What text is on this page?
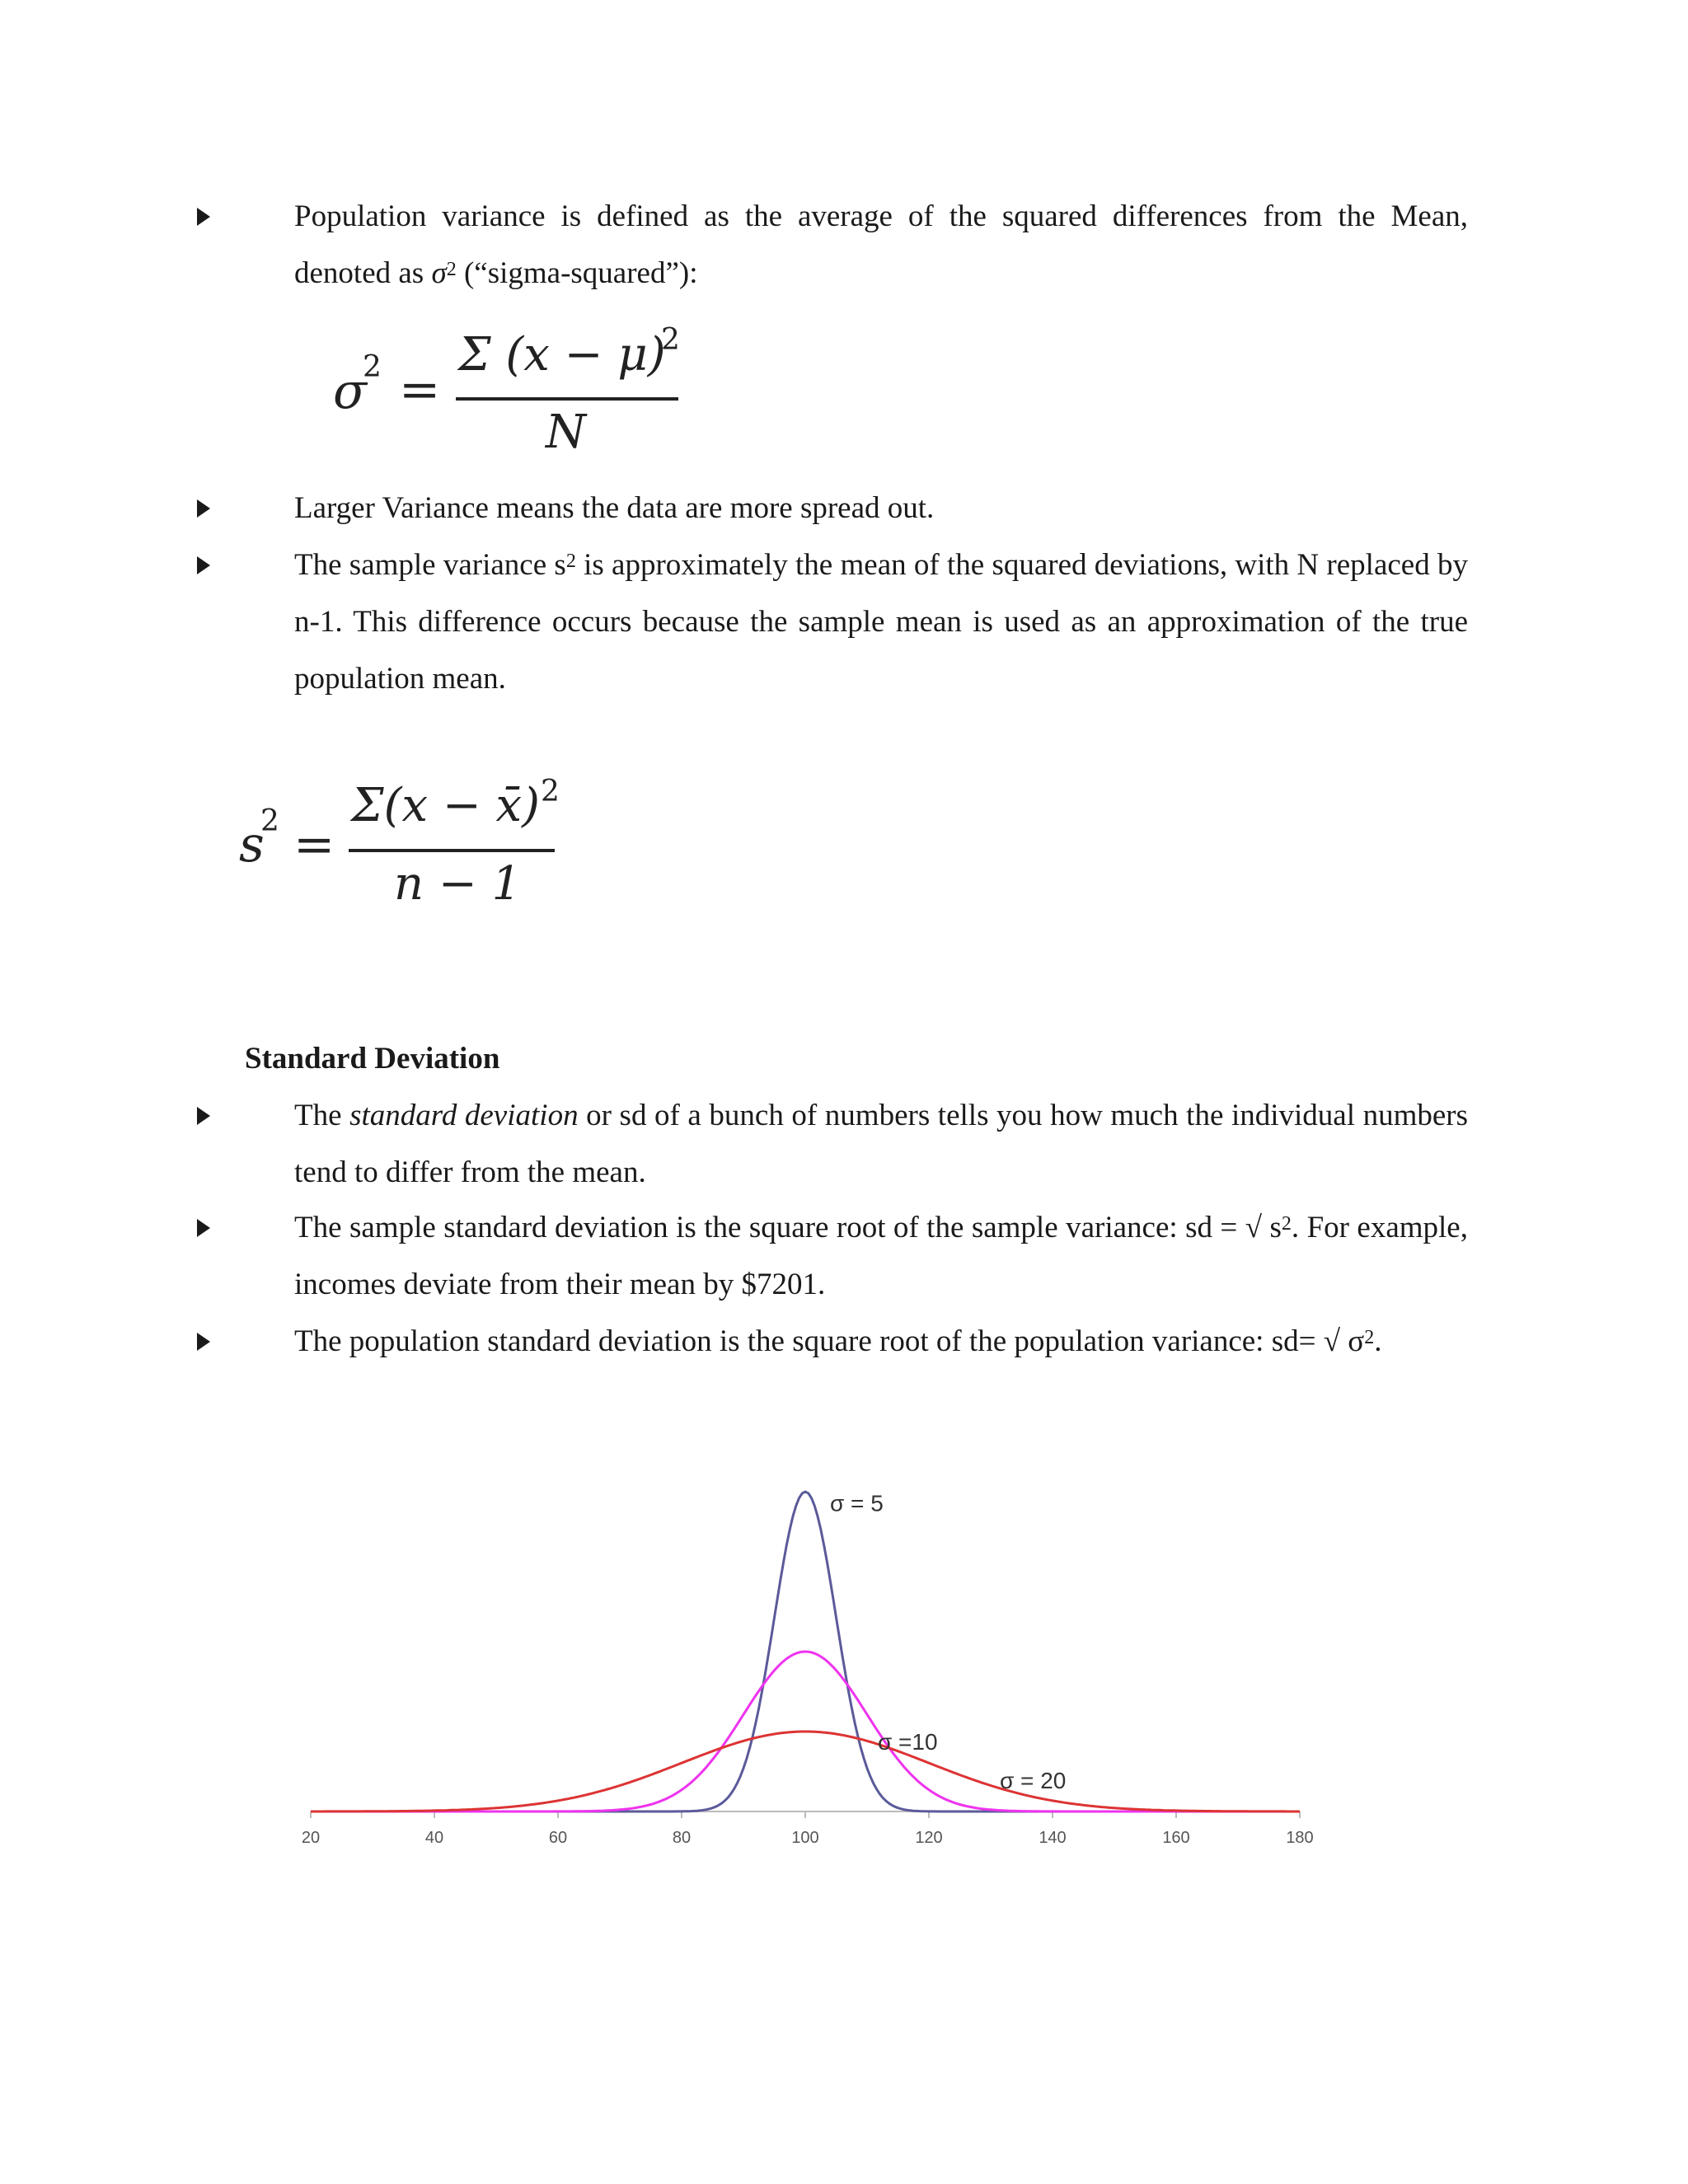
Population variance is defined as the average of the squared differences from the Mean, denoted as $\sigma^2$ (“sigma-squared”):

σ
2 =
Σ (x − μ)
2
N

Larger Variance means the data are more spread out.

The sample variance $s^2$ is approximately the mean of the squared deviations, with N replaced by n-1. This difference occurs because the sample mean is used as an approximation of the true population mean.

s
2 =
Σ(x − x̄) 2
n − 1
Standard Deviation

The standard deviation or sd of a bunch of numbers tells you how much the individual numbers tend to differ from the mean.

The sample standard deviation is the square root of the sample variance: sd = √ $s^2$. For example, incomes deviate from their mean by $7201.

The population standard deviation is the square root of the population variance: sd= √ $\sigma^2$.

20	40	60	80	100	120	140	160	180
σ = 5
σ =10
σ = 20
